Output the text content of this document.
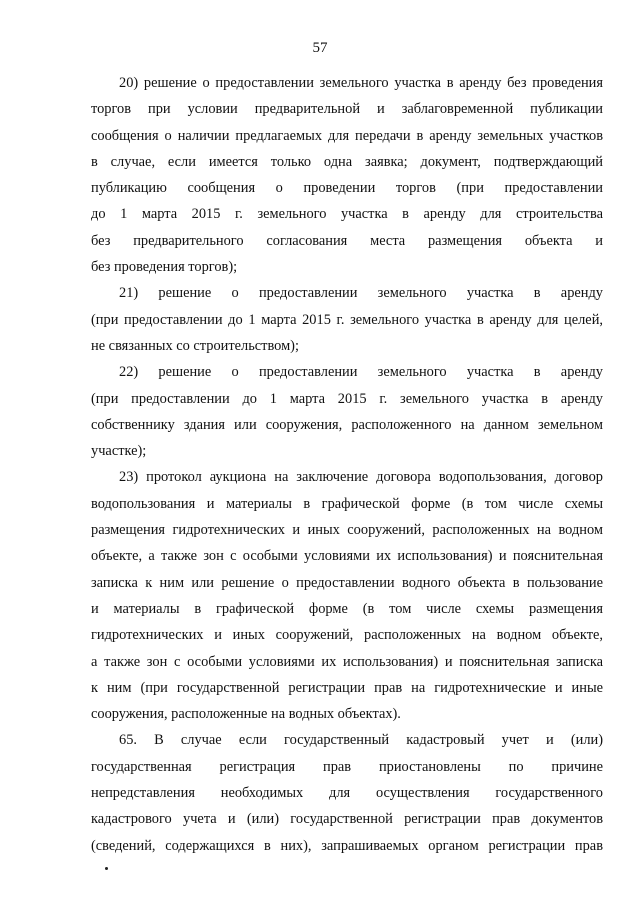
57
20) решение о предоставлении земельного участка в аренду без проведения
торгов при условии предварительной и заблаговременной публикации
сообщения о наличии предлагаемых для передачи в аренду земельных участков
в случае, если имеется только одна заявка; документ, подтверждающий
публикацию сообщения о проведении торгов (при предоставлении
до 1 марта 2015 г. земельного участка в аренду для строительства
без предварительного согласования места размещения объекта и
без проведения торгов);
21) решение о предоставлении земельного участка в аренду
(при предоставлении до 1 марта 2015 г. земельного участка в аренду для целей,
не связанных со строительством);
22) решение о предоставлении земельного участка в аренду
(при предоставлении до 1 марта 2015 г. земельного участка в аренду
собственнику здания или сооружения, расположенного на данном земельном
участке);
23) протокол аукциона на заключение договора водопользования, договор
водопользования и материалы в графической форме (в том числе схемы
размещения гидротехнических и иных сооружений, расположенных на водном
объекте, а также зон с особыми условиями их использования) и пояснительная
записка к ним или решение о предоставлении водного объекта в пользование
и материалы в графической форме (в том числе схемы размещения
гидротехнических и иных сооружений, расположенных на водном объекте,
а также зон с особыми условиями их использования) и пояснительная записка
к ним (при государственной регистрации прав на гидротехнические и иные
сооружения, расположенные на водных объектах).
65. В случае если государственный кадастровый учет и (или)
государственная регистрация прав приостановлены по причине
непредставления необходимых для осуществления государственного
кадастрового учета и (или) государственной регистрации прав документов
(сведений, содержащихся в них), запрашиваемых органом регистрации прав
